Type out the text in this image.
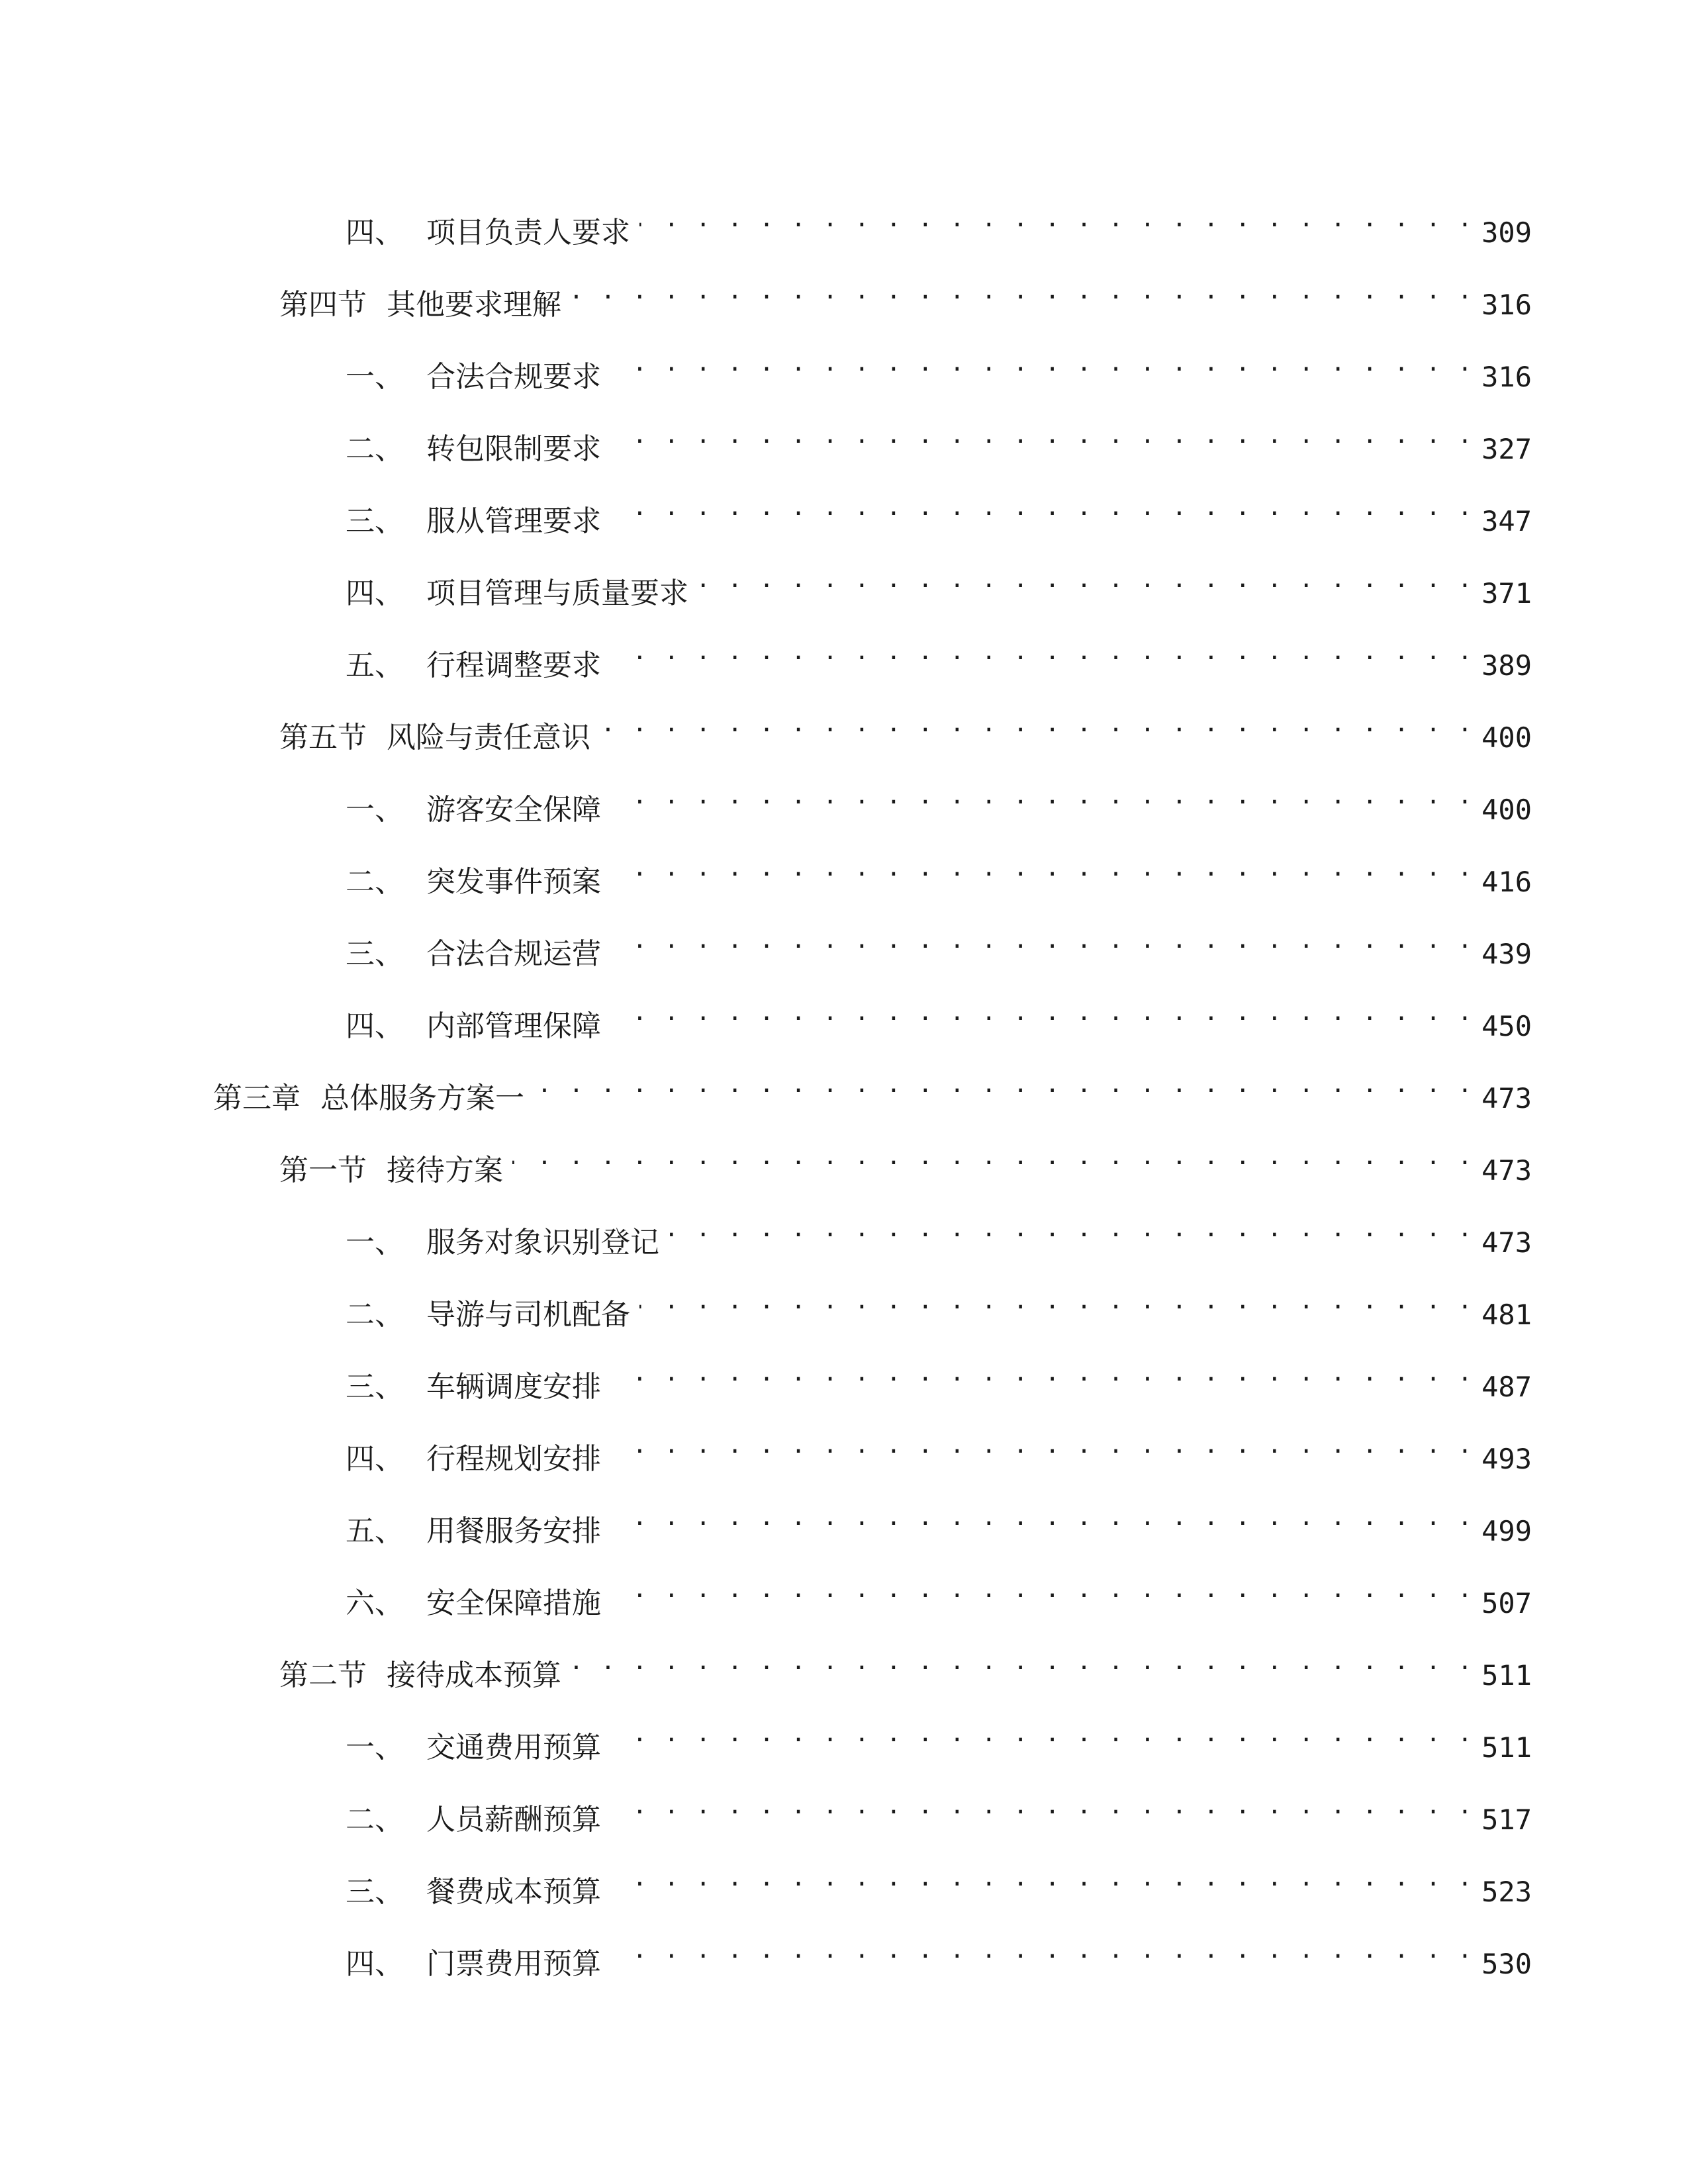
四、 项目负责人要求 . . .	309
第四节 其他要求理解 . . .	316
一、 合法合规要求 . . .	316
二、 转包限制要求 . . .	327
三、 服从管理要求 . . .	347
四、 项目管理与质量要求 . . .	371
五、 行程调整要求 . . .	389
第五节 风险与责任意识 . . .	400
一、 游客安全保障 . . .	400
二、 突发事件预案 . . .	416
三、 合法合规运营 . . .	439
四、 内部管理保障 . . .	450
第三章 总体服务方案一 . . .	473
第一节 接待方案 . . .	473
一、 服务对象识别登记 . . .	473
二、 导游与司机配备 . . .	481
三、 车辆调度安排 . . .	487
四、 行程规划安排 . . .	493
五、 用餐服务安排 . . .	499
六、 安全保障措施 . . .	507
第二节 接待成本预算 . . .	511
一、 交通费用预算 . . .	511
二、 人员薪酬预算 . . .	517
三、 餐费成本预算 . . .	523
四、 门票费用预算 . . .	530
